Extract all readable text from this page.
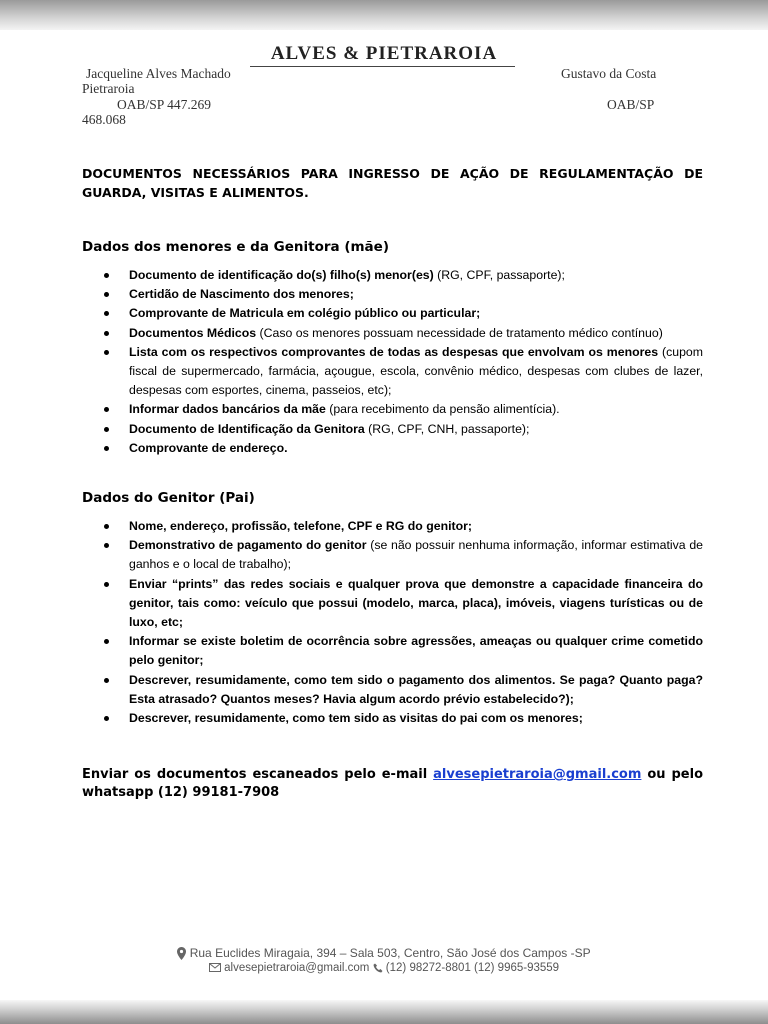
ALVES & PIETRAROIA
Jacqueline Alves Machado
Pietraroia
OAB/SP 447.269
Gustavo da Costa
OAB/SP
468.068
DOCUMENTOS NECESSÁRIOS PARA INGRESSO DE AÇÃO DE REGULAMENTAÇÃO DE GUARDA, VISITAS E ALIMENTOS.
Dados dos menores e da Genitora (mãe)
Documento de identificação do(s) filho(s) menor(es) (RG, CPF, passaporte);
Certidão de Nascimento dos menores;
Comprovante de Matricula em colégio público ou particular;
Documentos Médicos (Caso os menores possuam necessidade de tratamento médico contínuo)
Lista com os respectivos comprovantes de todas as despesas que envolvam os menores (cupom fiscal de supermercado, farmácia, açougue, escola, convênio médico, despesas com clubes de lazer, despesas com esportes, cinema, passeios, etc);
Informar dados bancários da mãe (para recebimento da pensão alimentícia).
Documento de Identificação da Genitora (RG, CPF, CNH, passaporte);
Comprovante de endereço.
Dados do Genitor (Pai)
Nome, endereço, profissão, telefone, CPF e RG do genitor;
Demonstrativo de pagamento do genitor (se não possuir nenhuma informação, informar estimativa de ganhos e o local de trabalho);
Enviar “prints” das redes sociais e qualquer prova que demonstre a capacidade financeira do genitor, tais como: veículo que possui (modelo, marca, placa), imóveis, viagens turísticas ou de luxo, etc;
Informar se existe boletim de ocorrência sobre agressões, ameaças ou qualquer crime cometido pelo genitor;
Descrever, resumidamente, como tem sido o pagamento dos alimentos. Se paga? Quanto paga? Esta atrasado? Quantos meses? Havia algum acordo prévio estabelecido?);
Descrever, resumidamente, como tem sido as visitas do pai com os menores;
Enviar os documentos escaneados pelo e-mail alvesepietraroia@gmail.com ou pelo whatsapp (12) 99181-7908
Rua Euclides Miragaia, 394 – Sala 503, Centro, São José dos Campos -SP
alvesepietraroia@gmail.com (12) 98272-8801 (12) 9965-93559
